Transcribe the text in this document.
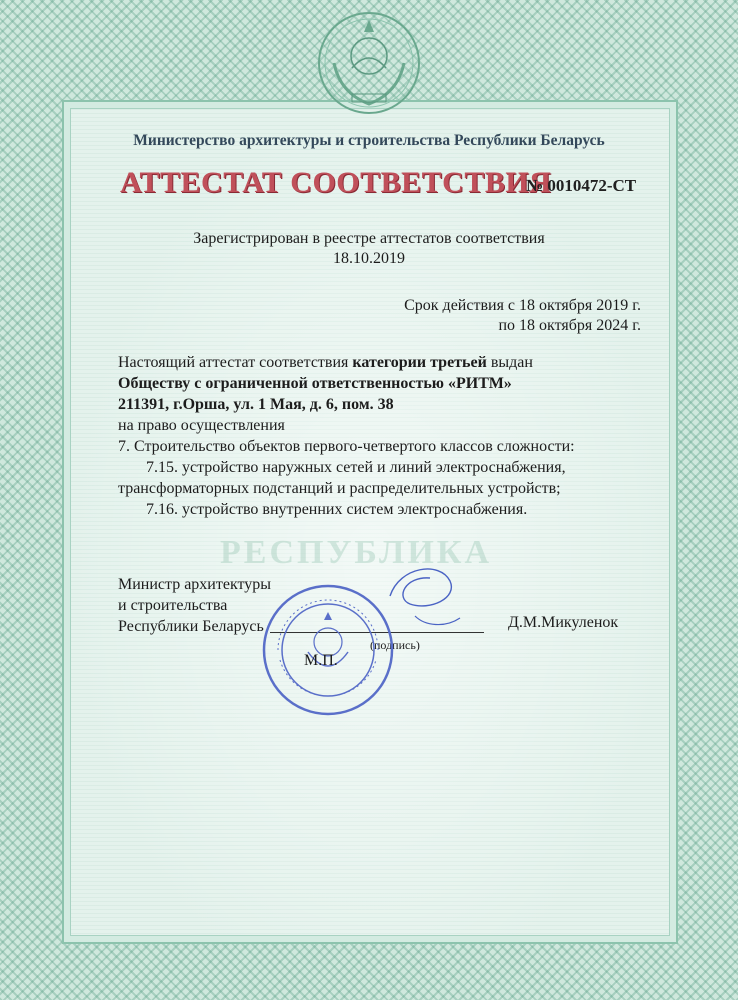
РЕСПУБЛИКА
Министерство архитектуры и строительства Республики Беларусь
АТТЕСТАТ СООТВЕТСТВИЯ
№ 0010472-СТ
Зарегистрирован в реестре аттестатов соответствия
18.10.2019
Срок действия с 18 октября 2019 г.
по 18 октября 2024 г.
Настоящий аттестат соответствия категории третьей выдан
Обществу с ограниченной ответственностью «РИТМ»
211391, г.Орша, ул. 1 Мая, д. 6, пом. 38
на право осуществления
7. Строительство объектов первого-четвертого классов сложности:
7.15. устройство наружных сетей и линий электроснабжения,
трансформаторных подстанций и распределительных устройств;
7.16. устройство внутренних систем электроснабжения.
Министр архитектуры
и строительства
Республики Беларусь
(подпись)
Д.М.Микуленок
М.П.
